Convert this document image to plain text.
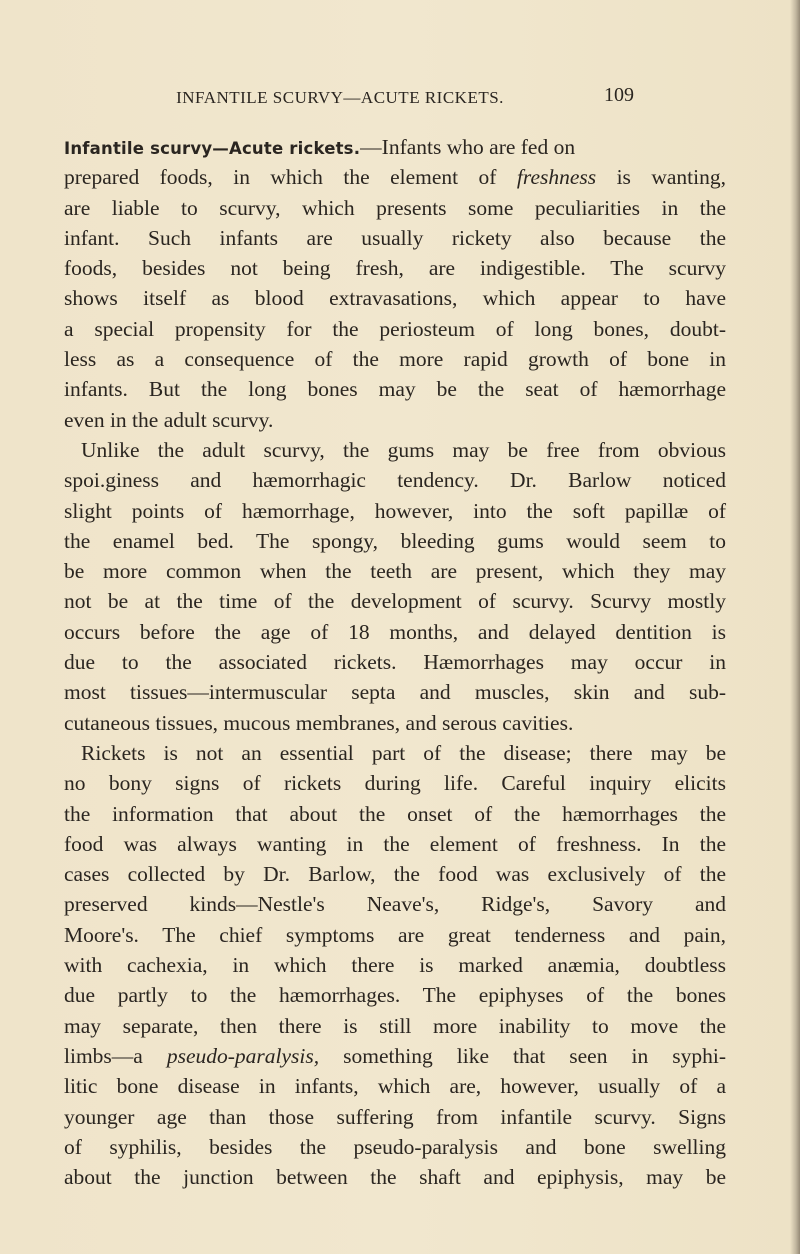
INFANTILE SCURVY—ACUTE RICKETS.	109
Infantile scurvy—Acute rickets.—Infants who are fed on
prepared foods, in which the element of freshness is wanting,
are liable to scurvy, which presents some peculiarities in the
infant. Such infants are usually rickety also because the
foods, besides not being fresh, are indigestible. The scurvy
shows itself as blood extravasations, which appear to have
a special propensity for the periosteum of long bones, doubt-
less as a consequence of the more rapid growth of bone in
infants. But the long bones may be the seat of hæmorrhage
even in the adult scurvy.
Unlike the adult scurvy, the gums may be free from obvious
spoi.giness and hæmorrhagic tendency. Dr. Barlow noticed
slight points of hæmorrhage, however, into the soft papillæ of
the enamel bed. The spongy, bleeding gums would seem to
be more common when the teeth are present, which they may
not be at the time of the development of scurvy. Scurvy mostly
occurs before the age of 18 months, and delayed dentition is
due to the associated rickets. Hæmorrhages may occur in
most tissues—intermuscular septa and muscles, skin and sub-
cutaneous tissues, mucous membranes, and serous cavities.
Rickets is not an essential part of the disease; there may be
no bony signs of rickets during life. Careful inquiry elicits
the information that about the onset of the hæmorrhages the
food was always wanting in the element of freshness. In the
cases collected by Dr. Barlow, the food was exclusively of the
preserved kinds—Nestle's Neave's, Ridge's, Savory and
Moore's. The chief symptoms are great tenderness and pain,
with cachexia, in which there is marked anæmia, doubtless
due partly to the hæmorrhages. The epiphyses of the bones
may separate, then there is still more inability to move the
limbs—a pseudo-paralysis, something like that seen in syphi-
litic bone disease in infants, which are, however, usually of a
younger age than those suffering from infantile scurvy. Signs
of syphilis, besides the pseudo-paralysis and bone swelling
about the junction between the shaft and epiphysis, may be
